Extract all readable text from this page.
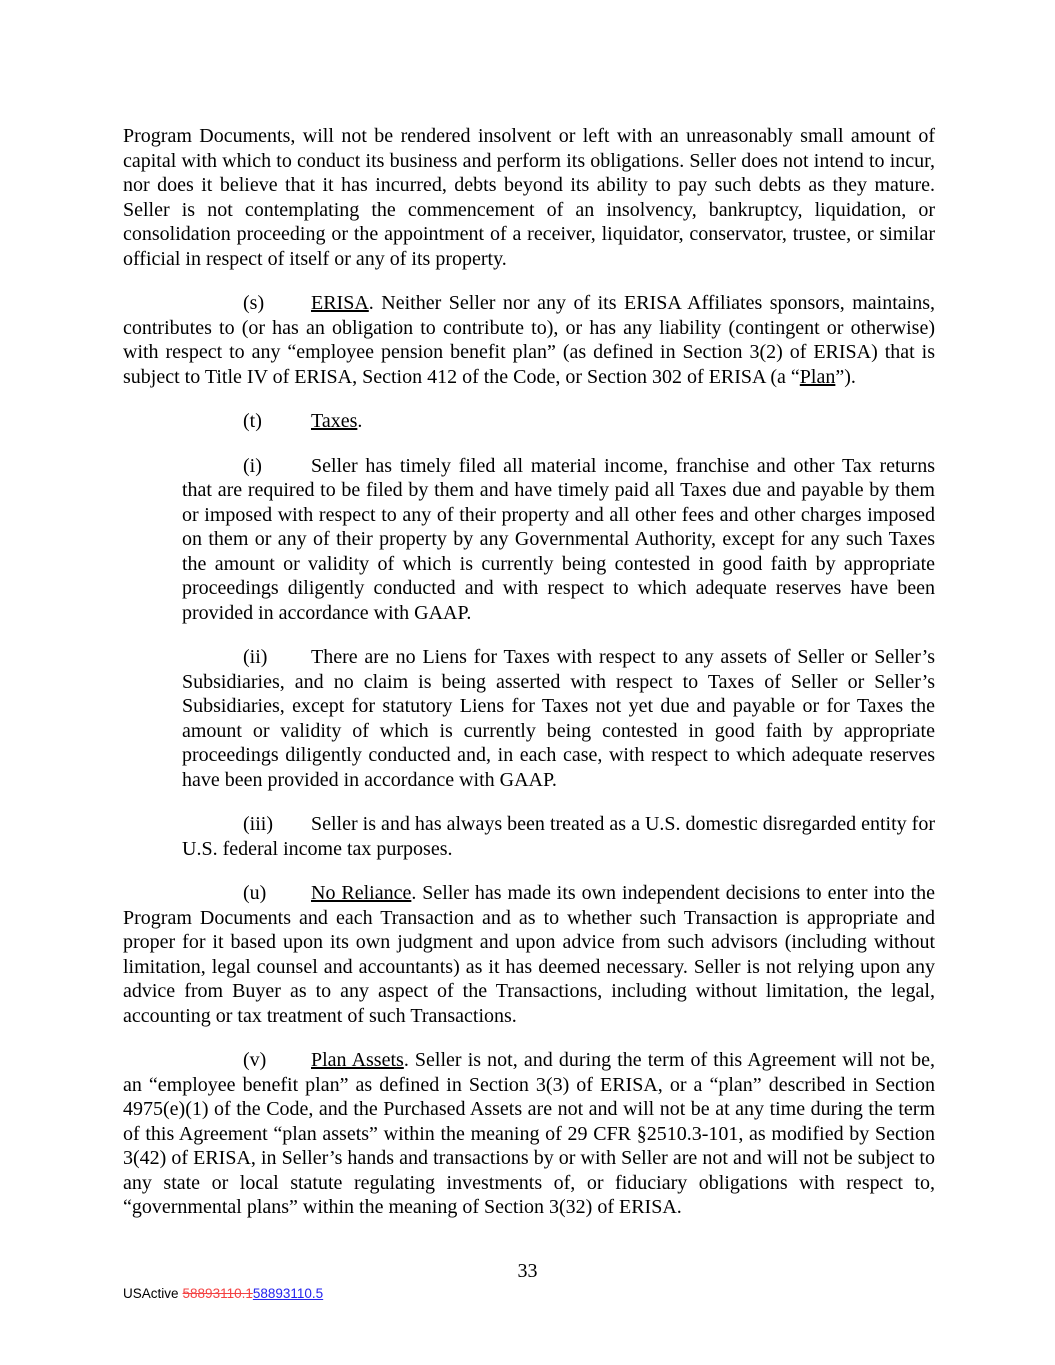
Program Documents, will not be rendered insolvent or left with an unreasonably small amount of capital with which to conduct its business and perform its obligations. Seller does not intend to incur, nor does it believe that it has incurred, debts beyond its ability to pay such debts as they mature. Seller is not contemplating the commencement of an insolvency, bankruptcy, liquidation, or consolidation proceeding or the appointment of a receiver, liquidator, conservator, trustee, or similar official in respect of itself or any of its property.
(s) ERISA. Neither Seller nor any of its ERISA Affiliates sponsors, maintains, contributes to (or has an obligation to contribute to), or has any liability (contingent or otherwise) with respect to any “employee pension benefit plan” (as defined in Section 3(2) of ERISA) that is subject to Title IV of ERISA, Section 412 of the Code, or Section 302 of ERISA (a “Plan”).
(t) Taxes.
(i) Seller has timely filed all material income, franchise and other Tax returns that are required to be filed by them and have timely paid all Taxes due and payable by them or imposed with respect to any of their property and all other fees and other charges imposed on them or any of their property by any Governmental Authority, except for any such Taxes the amount or validity of which is currently being contested in good faith by appropriate proceedings diligently conducted and with respect to which adequate reserves have been provided in accordance with GAAP.
(ii) There are no Liens for Taxes with respect to any assets of Seller or Seller’s Subsidiaries, and no claim is being asserted with respect to Taxes of Seller or Seller’s Subsidiaries, except for statutory Liens for Taxes not yet due and payable or for Taxes the amount or validity of which is currently being contested in good faith by appropriate proceedings diligently conducted and, in each case, with respect to which adequate reserves have been provided in accordance with GAAP.
(iii) Seller is and has always been treated as a U.S. domestic disregarded entity for U.S. federal income tax purposes.
(u) No Reliance. Seller has made its own independent decisions to enter into the Program Documents and each Transaction and as to whether such Transaction is appropriate and proper for it based upon its own judgment and upon advice from such advisors (including without limitation, legal counsel and accountants) as it has deemed necessary. Seller is not relying upon any advice from Buyer as to any aspect of the Transactions, including without limitation, the legal, accounting or tax treatment of such Transactions.
(v) Plan Assets. Seller is not, and during the term of this Agreement will not be, an “employee benefit plan” as defined in Section 3(3) of ERISA, or a “plan” described in Section 4975(e)(1) of the Code, and the Purchased Assets are not and will not be at any time during the term of this Agreement “plan assets” within the meaning of 29 CFR §2510.3-101, as modified by Section 3(42) of ERISA, in Seller’s hands and transactions by or with Seller are not and will not be subject to any state or local statute regulating investments of, or fiduciary obligations with respect to, “governmental plans” within the meaning of Section 3(32) of ERISA.
33
USActive 58893110.158893110.5
